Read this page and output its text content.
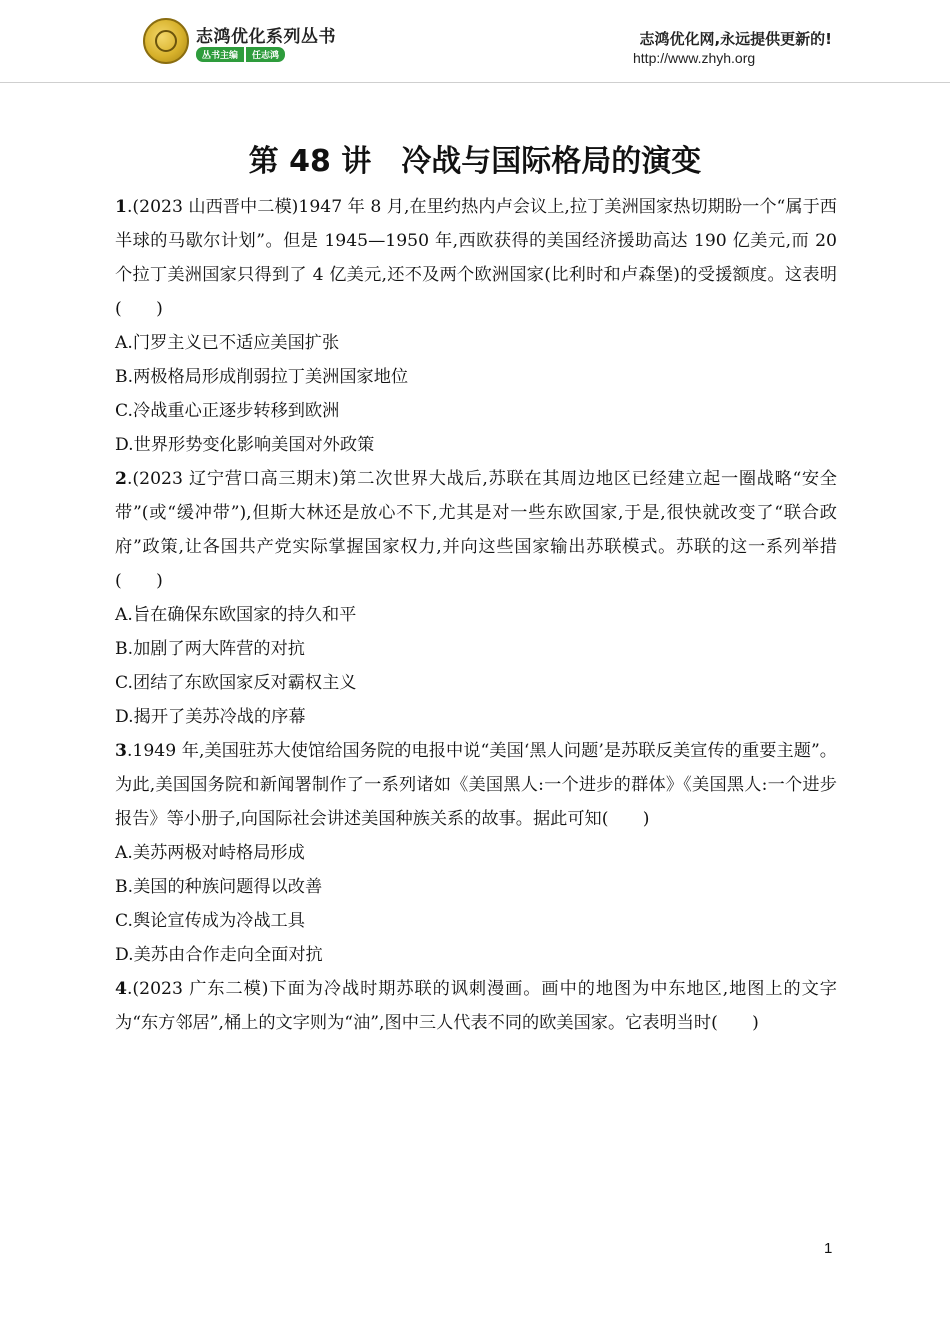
志鸿优化系列丛书
丛书主编	任志鸿
志鸿优化网,永远提供更新的!
http://www.zhyh.org
第 48 讲　冷战与国际格局的演变

1.(2023 山西晋中二模)1947 年 8 月,在里约热内卢会议上,拉丁美洲国家热切期盼一个“属于西半球的马歇尔计划”。但是 1945—1950 年,西欧获得的美国经济援助高达 190 亿美元,而 20 个拉丁美洲国家只得到了 4 亿美元,还不及两个欧洲国家(比利时和卢森堡)的受援额度。这表明(　　)

A.门罗主义已不适应美国扩张

B.两极格局形成削弱拉丁美洲国家地位

C.冷战重心正逐步转移到欧洲

D.世界形势变化影响美国对外政策

2.(2023 辽宁营口高三期末)第二次世界大战后,苏联在其周边地区已经建立起一圈战略“安全带”(或“缓冲带”),但斯大林还是放心不下,尤其是对一些东欧国家,于是,很快就改变了“联合政府”政策,让各国共产党实际掌握国家权力,并向这些国家输出苏联模式。苏联的这一系列举措(　　)

A.旨在确保东欧国家的持久和平

B.加剧了两大阵营的对抗

C.团结了东欧国家反对霸权主义

D.揭开了美苏冷战的序幕

3.1949 年,美国驻苏大使馆给国务院的电报中说“美国‘黑人问题’是苏联反美宣传的重要主题”。为此,美国国务院和新闻署制作了一系列诸如《美国黑人:一个进步的群体》《美国黑人:一个进步报告》等小册子,向国际社会讲述美国种族关系的故事。据此可知(　　)

A.美苏两极对峙格局形成

B.美国的种族问题得以改善

C.舆论宣传成为冷战工具

D.美苏由合作走向全面对抗

4.(2023 广东二模)下面为冷战时期苏联的讽刺漫画。画中的地图为中东地区,地图上的文字为“东方邻居”,桶上的文字则为“油”,图中三人代表不同的欧美国家。它表明当时(　　)

1
